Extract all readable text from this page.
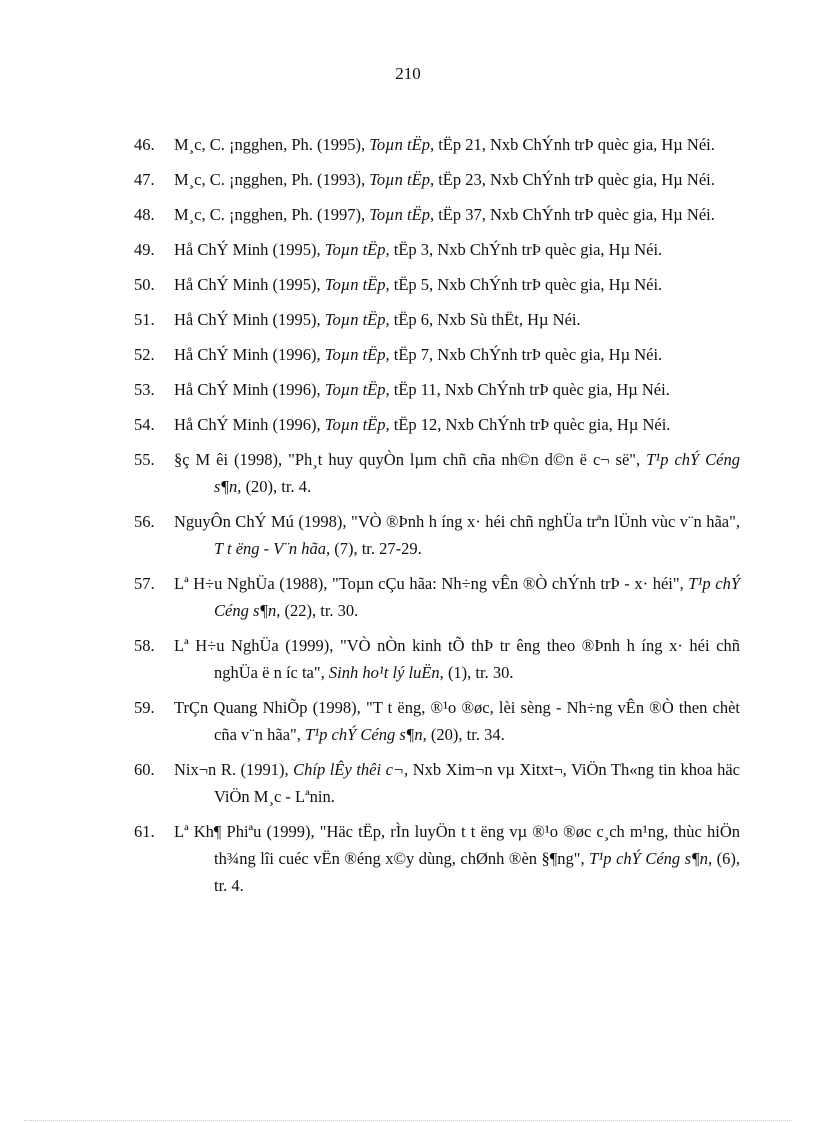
210
46.	M¸c, C. ¡ngghen, Ph. (1995), Toµn tËp, tËp 21, Nxb ChÝnh trÞ quèc gia, Hµ Néi.
47.	M¸c, C. ¡ngghen, Ph. (1993), Toµn tËp, tËp 23, Nxb ChÝnh trÞ quèc gia, Hµ Néi.
48.	M¸c, C. ¡ngghen, Ph. (1997), Toµn tËp, tËp 37, Nxb ChÝnh trÞ quèc gia, Hµ Néi.
49.	Hå ChÝ Minh (1995), Toµn tËp, tËp 3, Nxb ChÝnh trÞ quèc gia, Hµ Néi.
50.	Hå ChÝ Minh (1995), Toµn tËp, tËp 5, Nxb ChÝnh trÞ quèc gia, Hµ Néi.
51.	Hå ChÝ Minh (1995), Toµn tËp, tËp 6, Nxb Sù thËt, Hµ Néi.
52.	Hå ChÝ Minh (1996), Toµn tËp, tËp 7, Nxb ChÝnh trÞ quèc gia, Hµ Néi.
53.	Hå ChÝ Minh (1996), Toµn tËp, tËp 11, Nxb ChÝnh trÞ quèc gia, Hµ Néi.
54.	Hå ChÝ Minh (1996), Toµn tËp, tËp 12, Nxb ChÝnh trÞ quèc gia, Hµ Néi.
55.	§ç M êi (1998), "Ph¸t huy quyÒn lµm chñ cña nh©n d©n ë c¬ së", T¹p chÝ Céng s¶n, (20), tr. 4.
56.	NguyÔn ChÝ Mú (1998), "VÒ ®Þnh h íng x· héi chñ nghÜa trªn lÜnh vùc v¨n hãa", T t ëng - V¨n hãa, (7), tr. 27-29.
57.	Lª H÷u NghÜa (1988), "Toµn cÇu hãa: Nh÷ng vÊn ®Ò chÝnh trÞ - x· héi", T¹p chÝ Céng s¶n, (22), tr. 30.
58.	Lª H÷u NghÜa (1999), "VÒ nÒn kinh tÕ thÞ tr êng theo ®Þnh h íng x· héi chñ nghÜa ë n íc ta", Sinh ho¹t lý luËn, (1), tr. 30.
59.	TrÇn Quang NhiÕp (1998), "T t ëng, ®¹o ®øc, lèi sèng - Nh÷ng vÊn ®Ò then chèt cña v¨n hãa", T¹p chÝ Céng s¶n, (20), tr. 34.
60.	Nix¬n R. (1991), Chíp lÊy thêi c¬, Nxb Xim¬n vµ Xitxt¬, ViÖn Th«ng tin khoa häc ViÖn M¸c - Lªnin.
61.	Lª Kh¶ Phiªu (1999), "Häc tËp, rÌn luyÖn t t ëng vµ ®¹o ®øc c¸ch m¹ng, thùc hiÖn th¾ng lîi cuéc vËn ®éng x©y dùng, chØnh ®èn §¶ng", T¹p chÝ Céng s¶n, (6), tr. 4.
